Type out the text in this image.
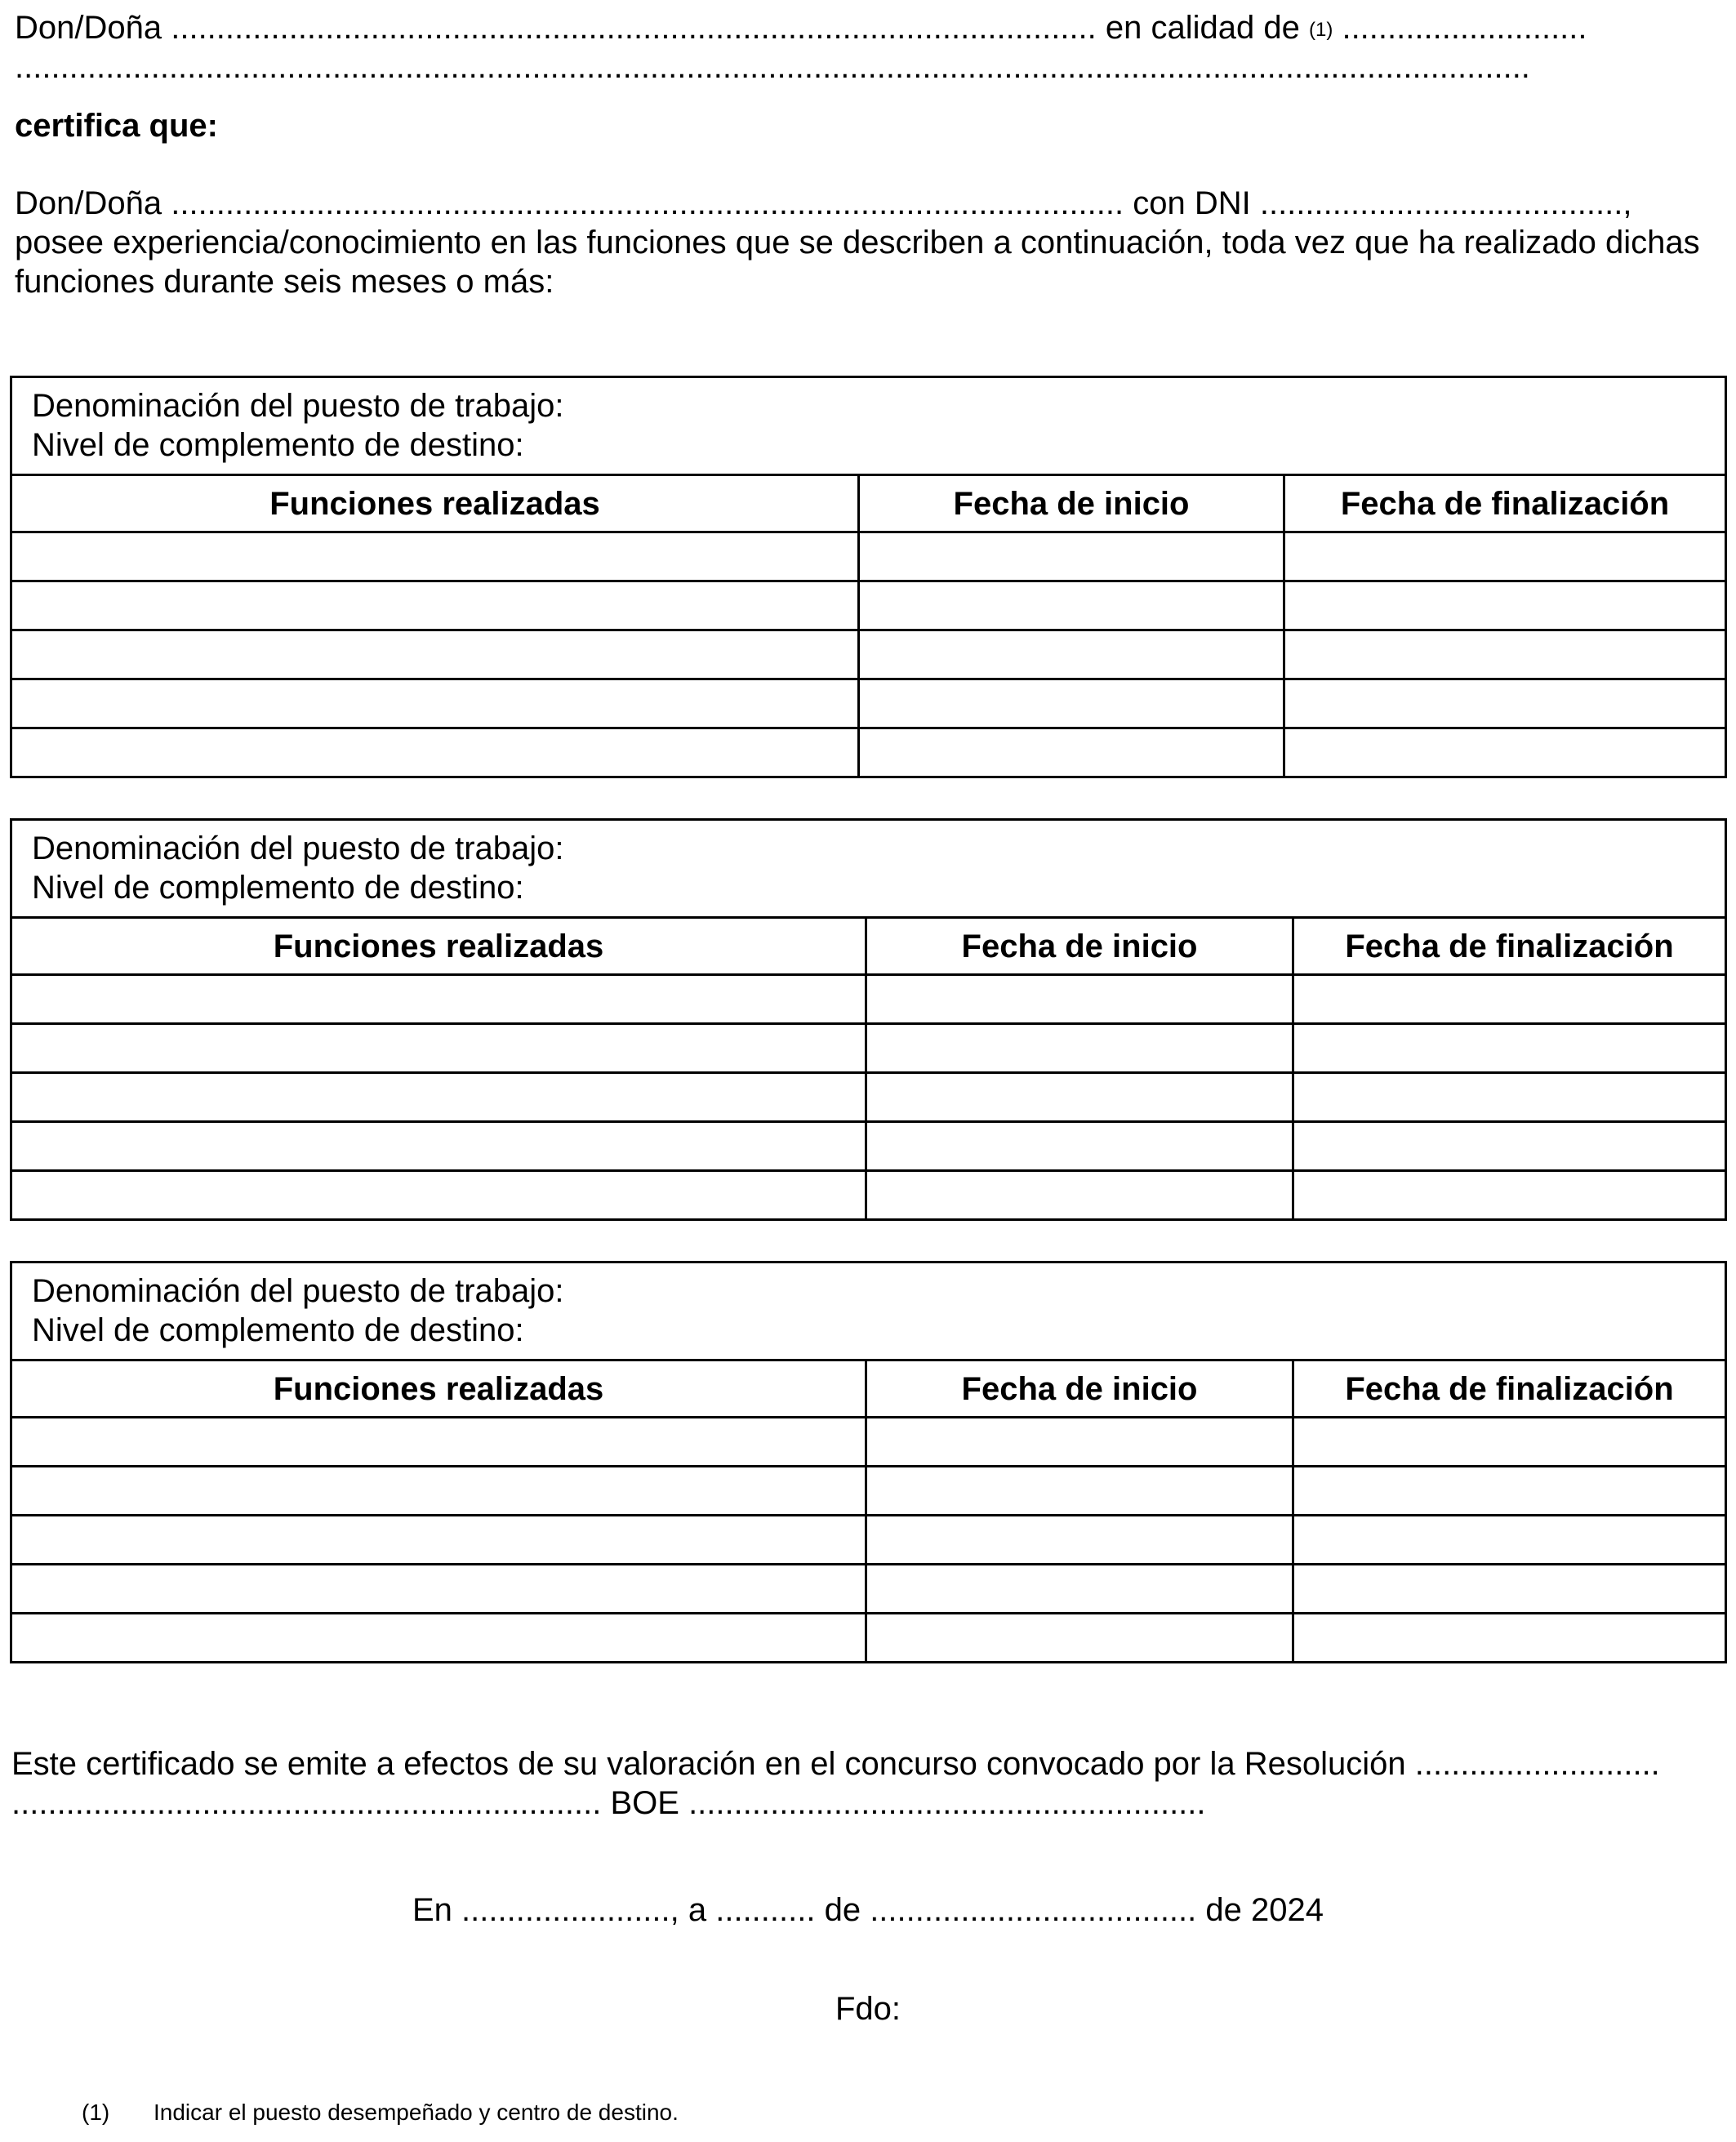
Don/Doña ...................................................................................................... en calidad de (1) ...........................
.......................................................................................................................................................................
certifica que:
Don/Doña ......................................................................................................... con DNI ........................................,
posee experiencia/conocimiento en las funciones que se describen a continuación, toda vez que ha realizado dichas
funciones durante seis meses o más:
Denominación del puesto de trabajo:
Nivel de complemento de destino:		

Funciones realizadas	Fecha de inicio	Fecha de finalización

Denominación del puesto de trabajo:
Nivel de complemento de destino:		

Funciones realizadas	Fecha de inicio	Fecha de finalización

Denominación del puesto de trabajo:
Nivel de complemento de destino:		

Funciones realizadas	Fecha de inicio	Fecha de finalización

Este certificado se emite a efectos de su valoración en el concurso convocado por la Resolución ...........................
................................................................. BOE .........................................................
En ......................., a ........... de .................................... de 2024
Fdo:
(1) Indicar el puesto desempeñado y centro de destino.
